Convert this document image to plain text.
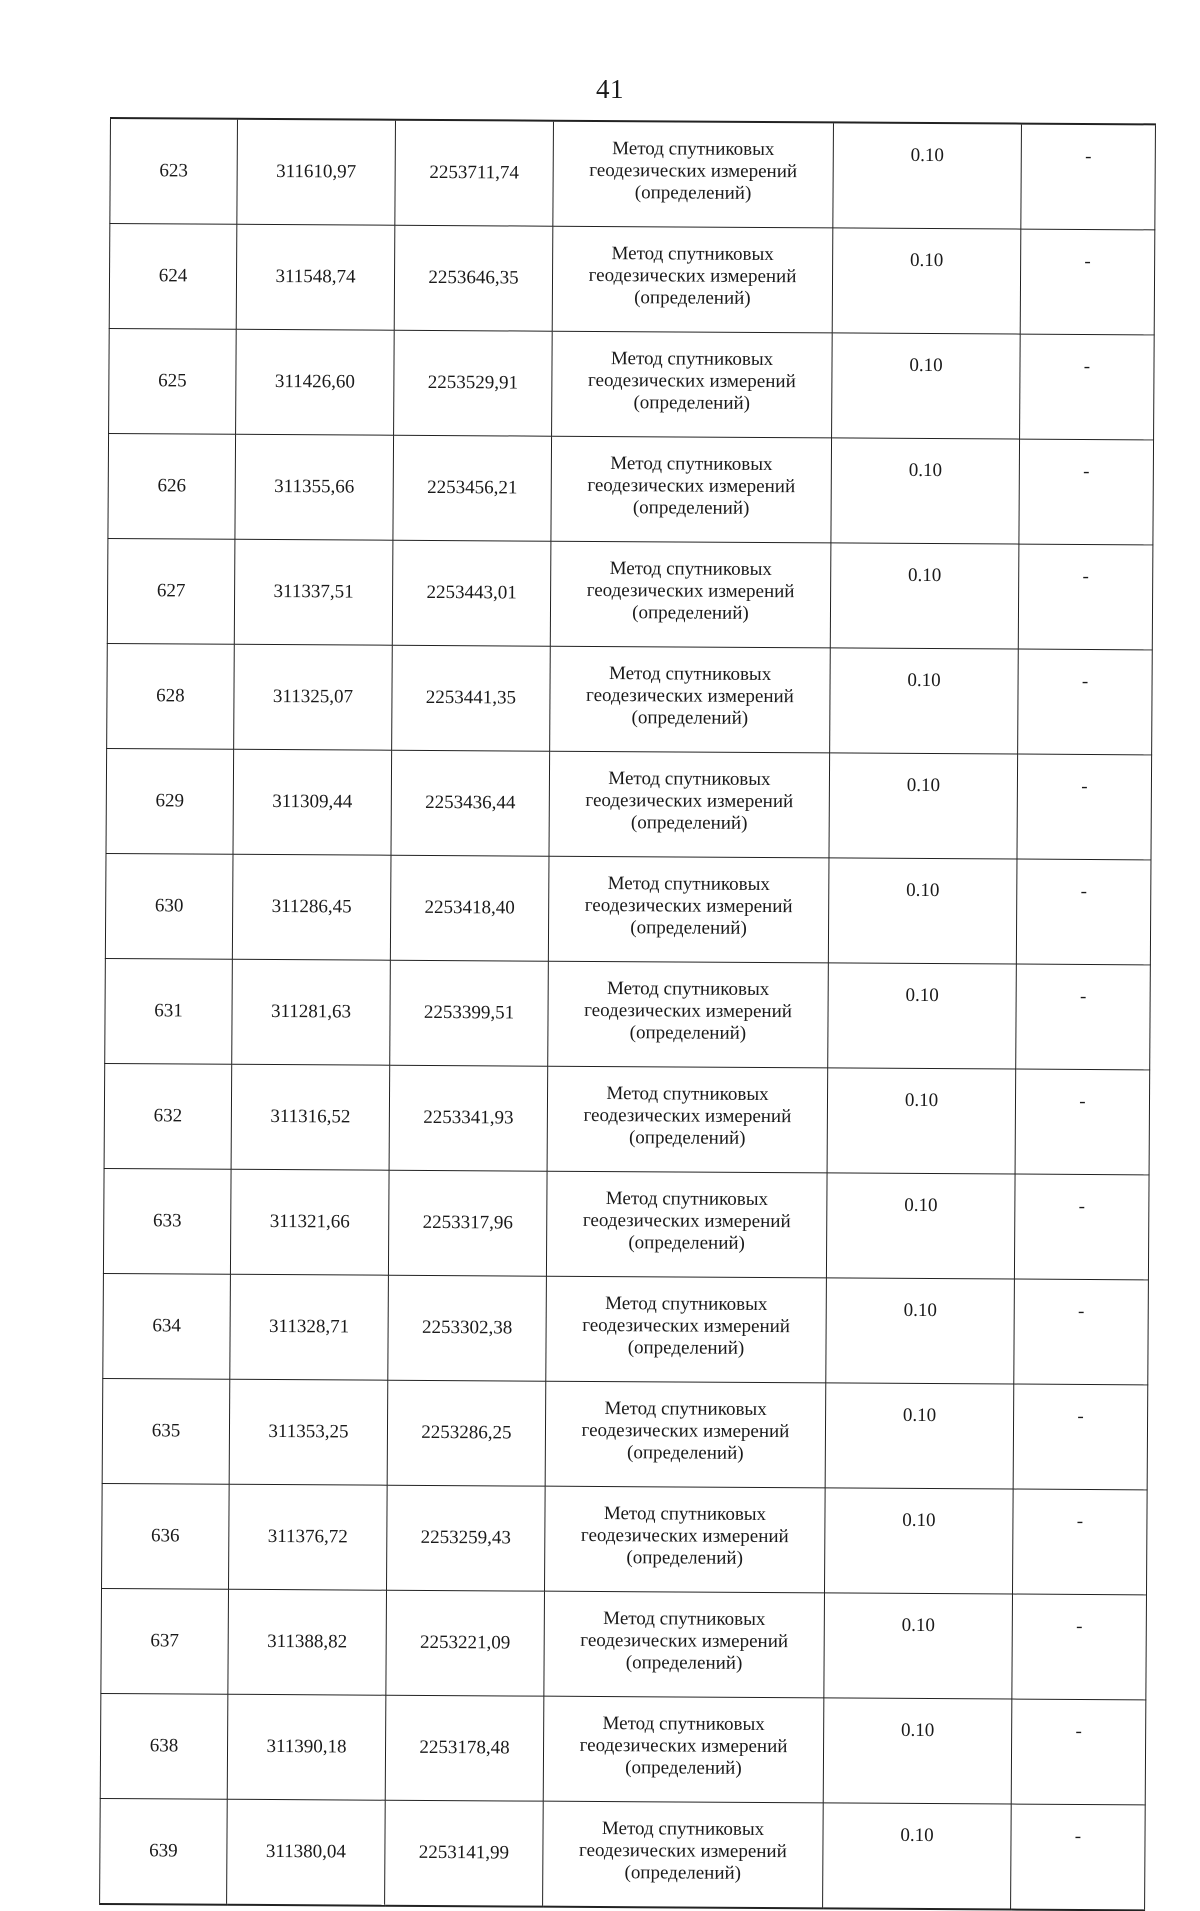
41
623	311610,97	2253711,74	Метод спутниковых
геодезических измерений
(определений)	0.10	-
624	311548,74	2253646,35	Метод спутниковых
геодезических измерений
(определений)	0.10	-
625	311426,60	2253529,91	Метод спутниковых
геодезических измерений
(определений)	0.10	-
626	311355,66	2253456,21	Метод спутниковых
геодезических измерений
(определений)	0.10	-
627	311337,51	2253443,01	Метод спутниковых
геодезических измерений
(определений)	0.10	-
628	311325,07	2253441,35	Метод спутниковых
геодезических измерений
(определений)	0.10	-
629	311309,44	2253436,44	Метод спутниковых
геодезических измерений
(определений)	0.10	-
630	311286,45	2253418,40	Метод спутниковых
геодезических измерений
(определений)	0.10	-
631	311281,63	2253399,51	Метод спутниковых
геодезических измерений
(определений)	0.10	-
632	311316,52	2253341,93	Метод спутниковых
геодезических измерений
(определений)	0.10	-
633	311321,66	2253317,96	Метод спутниковых
геодезических измерений
(определений)	0.10	-
634	311328,71	2253302,38	Метод спутниковых
геодезических измерений
(определений)	0.10	-
635	311353,25	2253286,25	Метод спутниковых
геодезических измерений
(определений)	0.10	-
636	311376,72	2253259,43	Метод спутниковых
геодезических измерений
(определений)	0.10	-
637	311388,82	2253221,09	Метод спутниковых
геодезических измерений
(определений)	0.10	-
638	311390,18	2253178,48	Метод спутниковых
геодезических измерений
(определений)	0.10	-
639	311380,04	2253141,99	Метод спутниковых
геодезических измерений
(определений)	0.10	-
